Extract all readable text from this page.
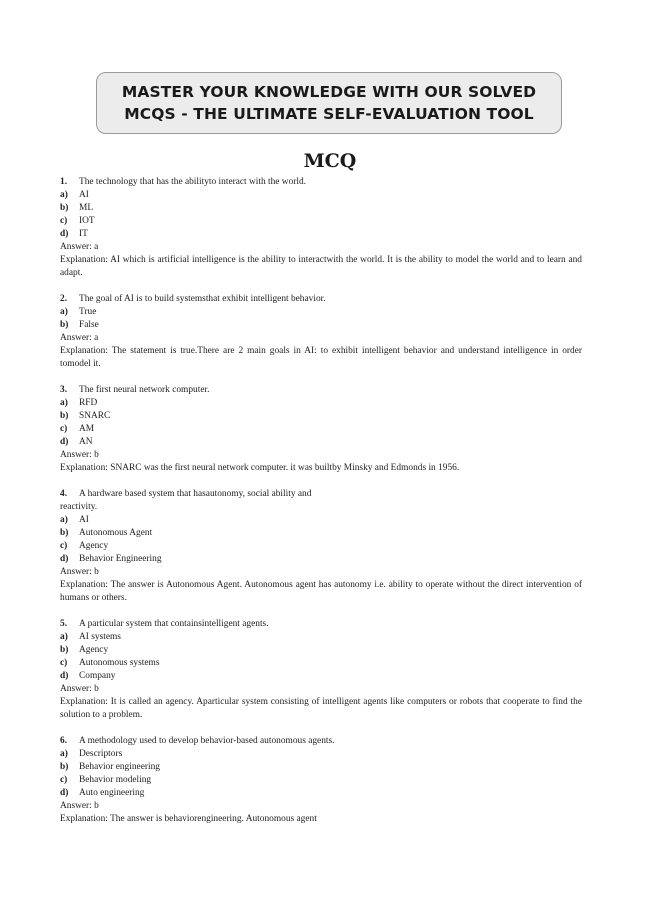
MASTER YOUR KNOWLEDGE WITH OUR SOLVED
MCQS - THE ULTIMATE SELF-EVALUATION TOOL
MCQ
1. The technology that has the abilityto interact with the world.
a) AI
b) ML
c) IOT
d) IT
Answer: a
Explanation: AI which is artificial intelligence is the ability to interactwith the world. It is the ability to model the world and to learn and adapt.
2. The goal of AI is to build systemsthat exhibit intelligent behavior.
a) True
b) False
Answer: a
Explanation: The statement is true.There are 2 main goals in AI: to exhibit intelligent behavior and understand intelligence in order tomodel it.
3. The first neural network computer.
a) RFD
b) SNARC
c) AM
d) AN
Answer: b
Explanation: SNARC was the first neural network computer. it was builtby Minsky and Edmonds in 1956.
4. A hardware based system that hasautonomy, social ability and
reactivity.
a) AI
b) Autonomous Agent
c) Agency
d) Behavior Engineering
Answer: b
Explanation: The answer is Autonomous Agent. Autonomous agent has autonomy i.e. ability to operate without the direct intervention of humans or others.
5. A particular system that containsintelligent agents.
a) AI systems
b) Agency
c) Autonomous systems
d) Company
Answer: b
Explanation: It is called an agency. Aparticular system consisting of intelligent agents like computers or robots that cooperate to find the solution to a problem.
6. A methodology used to develop behavior-based autonomous agents.
a) Descriptors
b) Behavior engineering
c) Behavior modeling
d) Auto engineering
Answer: b
Explanation: The answer is behaviorengineering. Autonomous agent
